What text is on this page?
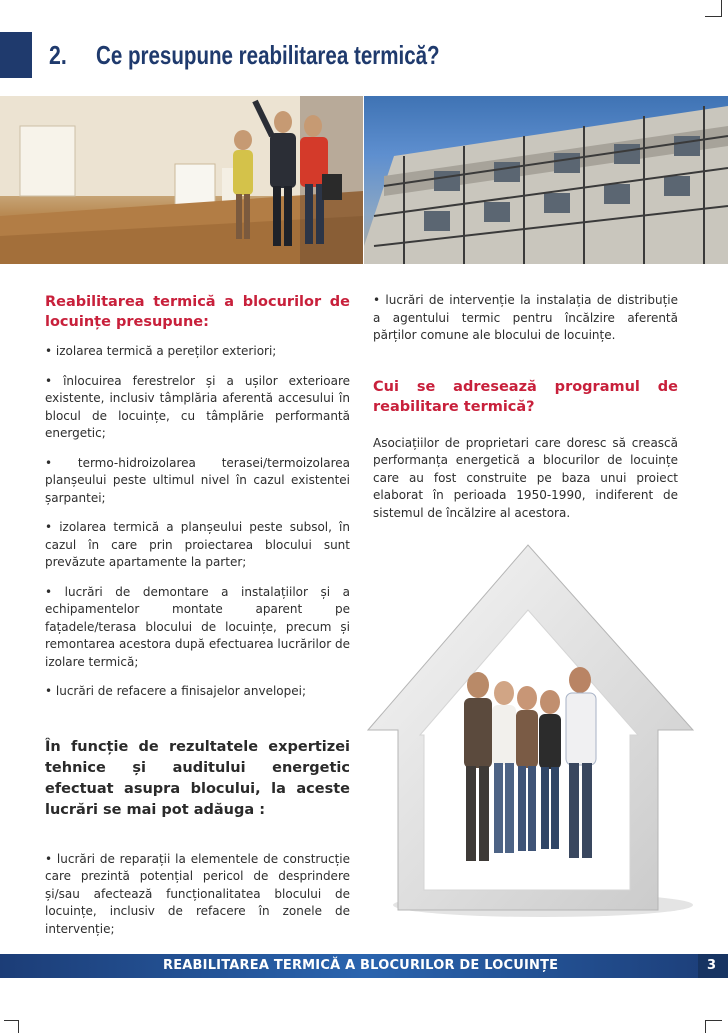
2. Ce presupune reabilitarea termică?

Reabilitarea termică a blocurilor de locuințe presupune:

• izolarea termică a pereților exteriori;

• înlocuirea ferestrelor și a ușilor exterioare existente, inclusiv tâmplăria aferentă accesului în blocul de locuințe, cu tâmplărie performantă energetic;

• termo-hidroizolarea terasei/termoizolarea planșeului peste ultimul nivel în cazul existentei șarpantei;

• izolarea termică a planșeului peste subsol, în cazul în care prin proiectarea blocului sunt prevăzute apartamente la parter;

• lucrări de demontare a instalațiilor și a echipamentelor montate aparent pe fațadele/terasa blocului de locuințe, precum și remontarea acestora după efectuarea lucrărilor de izolare termică;

• lucrări de refacere a finisajelor anvelopei;

În funcție de rezultatele expertizei tehnice și auditului energetic efectuat asupra blocului, la aceste lucrări se mai pot adăuga :

• lucrări de reparații la elementele de construcție care prezintă potențial pericol de desprindere și/sau afectează funcționalitatea blocului de locuințe, inclusiv de refacere în zonele de intervenție;

• lucrări de intervenție la instalația de distribuție a agentului termic pentru încălzire aferentă părților comune ale blocului de locuințe.

Cui se adresează programul de reabilitare termică?

Asociațiilor de proprietari care doresc să crească performanța energetică a blocurilor de locuințe care au fost construite pe baza unui proiect elaborat în perioada 1950-1990, indiferent de sistemul de încălzire al acestora.

REABILITAREA TERMICĂ A BLOCURILOR DE LOCUINȚE	3
